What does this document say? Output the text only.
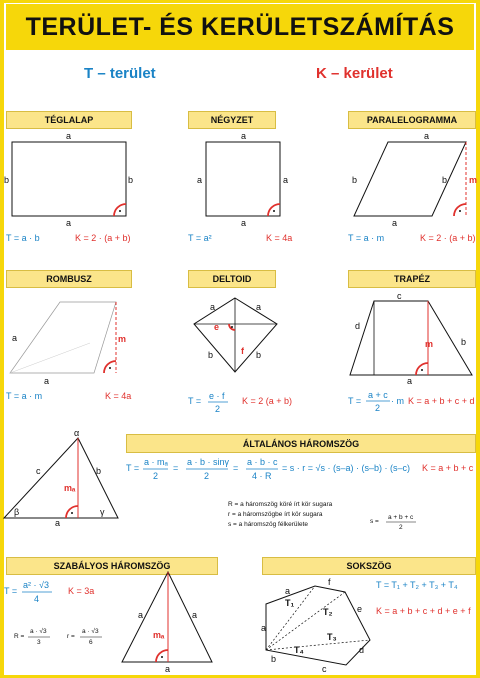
TERÜLET- ÉS KERÜLETSZÁMÍTÁS
T – terület	K – kerület
TÉGLALAP	NÉGYZET	PARALELOGRAMMA
ROMBUSZ	DELTOID	TRAPÉZ
ÁLTALÁNOS HÁROMSZÖG
SZABÁLYOS HÁROMSZÖG	SOKSZÖG
a
a
b	b
T = a · b	K = 2 · (a + b)
a
a
a	a
T = a²	K = 4a
a
a
b	b m
T = a · m	K = 2 · (a + b)
a
a
m
T = a · m	K = 4a
a	a
b	b
e
f
T = e · f
2
K = 2 (a + b)
c
d
b
a
m
T =
a + c
2
· m K = a + b + c + d
α
β	γ
c	b
a
mₐ
T =
a · mₐ
2
=
a · b · sinγ
2
=
a · b · c
4 · R
= s · r = √s · (s–a) · (s–b) · (s–c) K = a + b + c
R = a háromszög köré írt kör sugara
r = a háromszögbe írt kör sugara
s = a háromszög félkerülete	s =
a + b + c
2
T =
a² · √3
4
K = 3a
R =
a · √3
3
r =
a · √3
6
a	a
a
mₐ
f
a
e
a
d
b
c
T₁
T₂
T₃
T₄
T = T₁ + T₂ + T₃ + T₄
K = a + b + c + d + e + f
